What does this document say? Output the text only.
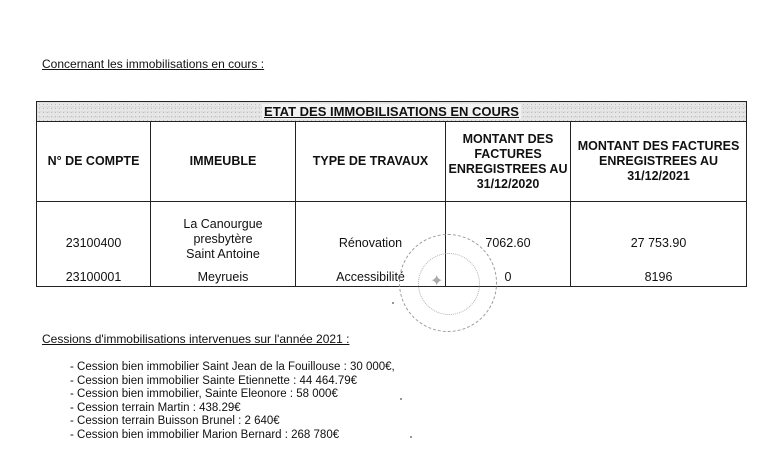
Concernant les immobilisations en cours :
ETAT DES IMMOBILISATIONS EN COURS				
N° DE COMPTE	IMMEUBLE	TYPE DE TRAVAUX	MONTANT DES FACTURES ENREGISTREES AU 31/12/2020	MONTANT DES FACTURES ENREGISTREES AU 31/12/2021
23100400	La Canourgue
presbytère
Saint Antoine	Rénovation	7062.60	27 753.90
23100001	Meyrueis	Accessibilité	0	8196
✦
Cessions d'immobilisations intervenues sur l'année 2021 :
- Cession bien immobilier Saint Jean de la Fouillouse : 30 000€,
- Cession bien immobilier Sainte Etiennette : 44 464.79€
- Cession bien immobilier, Sainte Eleonore : 58 000€
- Cession terrain Martin : 438.29€
- Cession terrain Buisson Brunel : 2 640€
- Cession bien immobilier Marion Bernard : 268 780€
